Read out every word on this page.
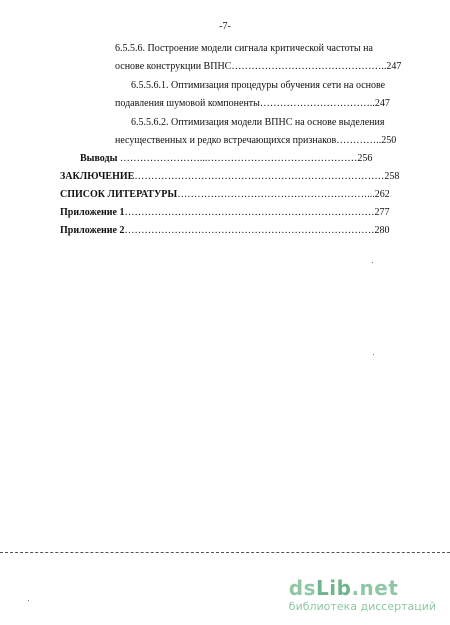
-7-
6.5.5.6. Построение модели сигнала критической частоты на
основе конструкции ВПНС………………………………………..247
6.5.5.6.1. Оптимизация процедуры обучения сети на основе
подавления шумовой компоненты……………………………..247
6.5.5.6.2. Оптимизация модели ВПНС на основе выделения
несущественных и редко встречающихся признаков…………..250
Выводы ……………………...………………………………………256
ЗАКЛЮЧЕНИЕ…………………………………………………………………258
СПИСОК ЛИТЕРАТУРЫ…………………………………………………...262
Приложение 1…………………………………………………………………277
Приложение 2…………………………………………………………………280
dsLib.net
библиотека диссертаций
